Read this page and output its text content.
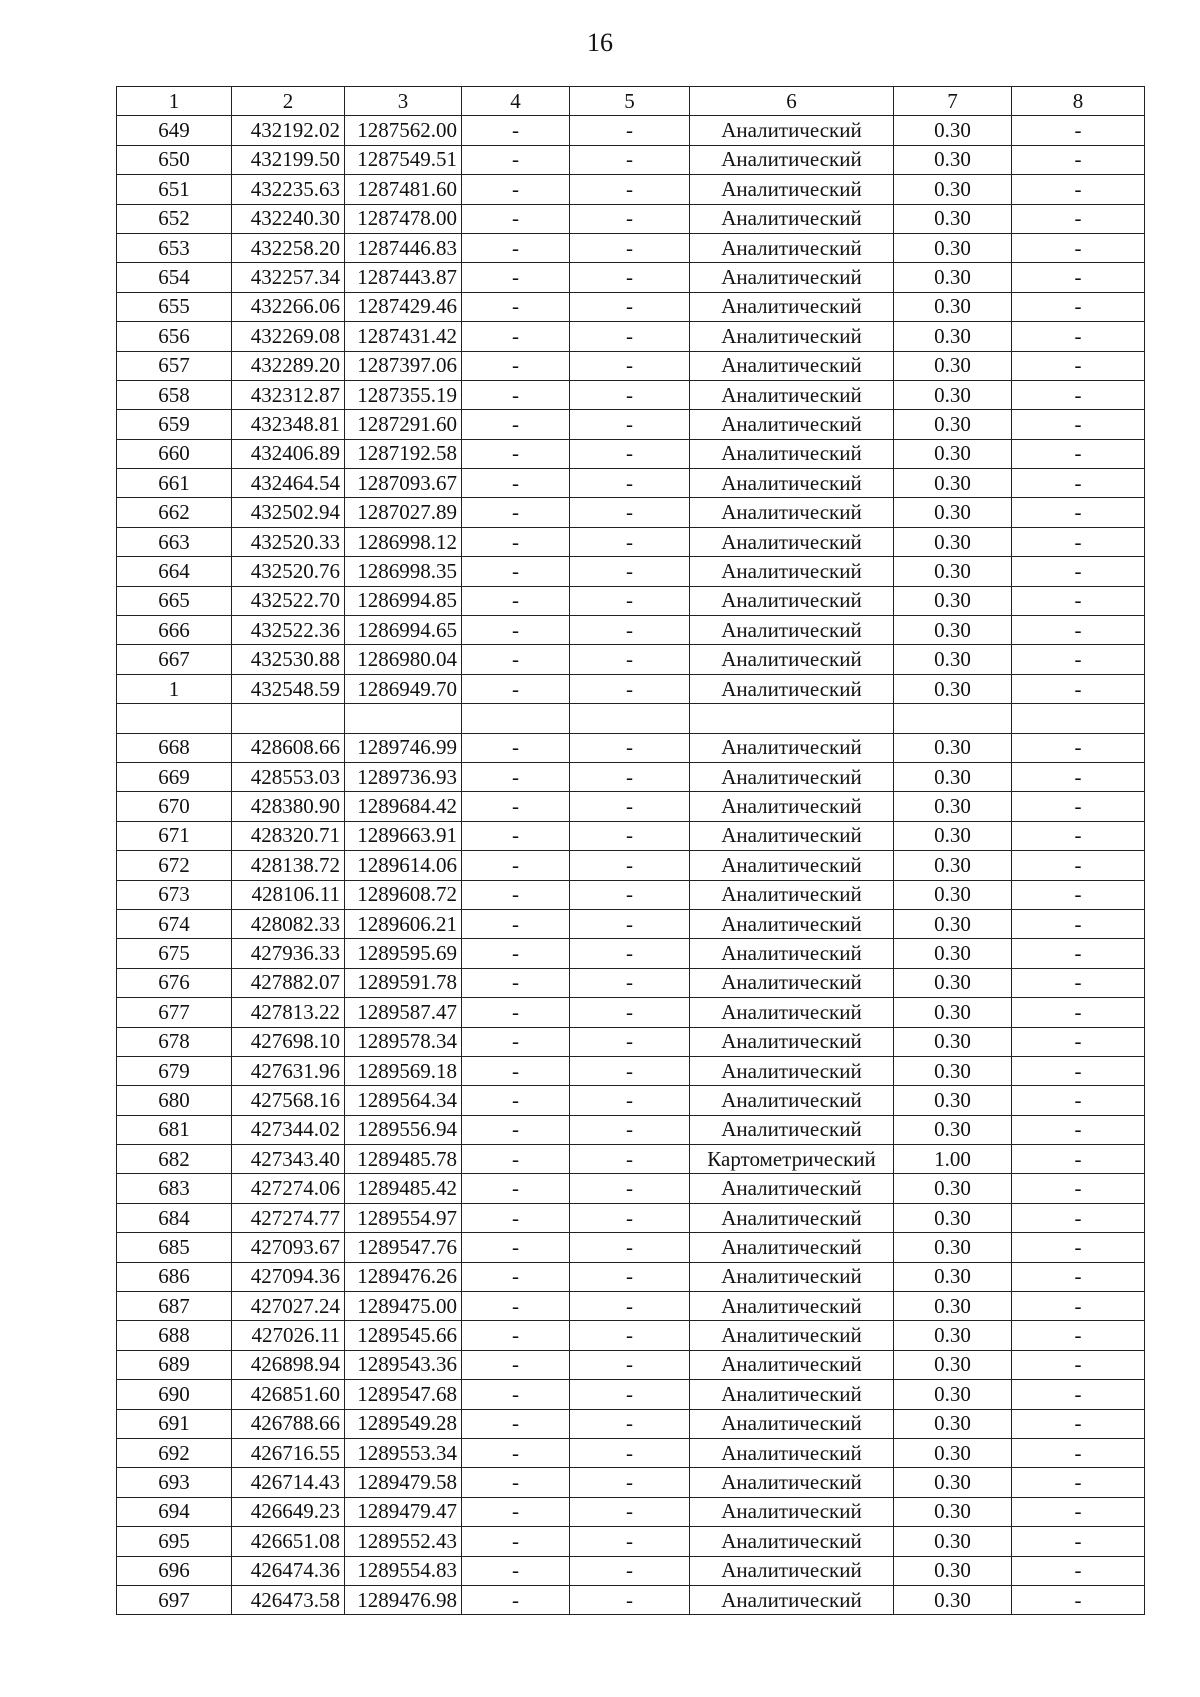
16
1	2	3	4	5	6	7	8
649	432192.02	1287562.00	-	-	Аналитический	0.30	-
650	432199.50	1287549.51	-	-	Аналитический	0.30	-
651	432235.63	1287481.60	-	-	Аналитический	0.30	-
652	432240.30	1287478.00	-	-	Аналитический	0.30	-
653	432258.20	1287446.83	-	-	Аналитический	0.30	-
654	432257.34	1287443.87	-	-	Аналитический	0.30	-
655	432266.06	1287429.46	-	-	Аналитический	0.30	-
656	432269.08	1287431.42	-	-	Аналитический	0.30	-
657	432289.20	1287397.06	-	-	Аналитический	0.30	-
658	432312.87	1287355.19	-	-	Аналитический	0.30	-
659	432348.81	1287291.60	-	-	Аналитический	0.30	-
660	432406.89	1287192.58	-	-	Аналитический	0.30	-
661	432464.54	1287093.67	-	-	Аналитический	0.30	-
662	432502.94	1287027.89	-	-	Аналитический	0.30	-
663	432520.33	1286998.12	-	-	Аналитический	0.30	-
664	432520.76	1286998.35	-	-	Аналитический	0.30	-
665	432522.70	1286994.85	-	-	Аналитический	0.30	-
666	432522.36	1286994.65	-	-	Аналитический	0.30	-
667	432530.88	1286980.04	-	-	Аналитический	0.30	-
1	432548.59	1286949.70	-	-	Аналитический	0.30	-

668	428608.66	1289746.99	-	-	Аналитический	0.30	-
669	428553.03	1289736.93	-	-	Аналитический	0.30	-
670	428380.90	1289684.42	-	-	Аналитический	0.30	-
671	428320.71	1289663.91	-	-	Аналитический	0.30	-
672	428138.72	1289614.06	-	-	Аналитический	0.30	-
673	428106.11	1289608.72	-	-	Аналитический	0.30	-
674	428082.33	1289606.21	-	-	Аналитический	0.30	-
675	427936.33	1289595.69	-	-	Аналитический	0.30	-
676	427882.07	1289591.78	-	-	Аналитический	0.30	-
677	427813.22	1289587.47	-	-	Аналитический	0.30	-
678	427698.10	1289578.34	-	-	Аналитический	0.30	-
679	427631.96	1289569.18	-	-	Аналитический	0.30	-
680	427568.16	1289564.34	-	-	Аналитический	0.30	-
681	427344.02	1289556.94	-	-	Аналитический	0.30	-
682	427343.40	1289485.78	-	-	Картометрический	1.00	-
683	427274.06	1289485.42	-	-	Аналитический	0.30	-
684	427274.77	1289554.97	-	-	Аналитический	0.30	-
685	427093.67	1289547.76	-	-	Аналитический	0.30	-
686	427094.36	1289476.26	-	-	Аналитический	0.30	-
687	427027.24	1289475.00	-	-	Аналитический	0.30	-
688	427026.11	1289545.66	-	-	Аналитический	0.30	-
689	426898.94	1289543.36	-	-	Аналитический	0.30	-
690	426851.60	1289547.68	-	-	Аналитический	0.30	-
691	426788.66	1289549.28	-	-	Аналитический	0.30	-
692	426716.55	1289553.34	-	-	Аналитический	0.30	-
693	426714.43	1289479.58	-	-	Аналитический	0.30	-
694	426649.23	1289479.47	-	-	Аналитический	0.30	-
695	426651.08	1289552.43	-	-	Аналитический	0.30	-
696	426474.36	1289554.83	-	-	Аналитический	0.30	-
697	426473.58	1289476.98	-	-	Аналитический	0.30	-
